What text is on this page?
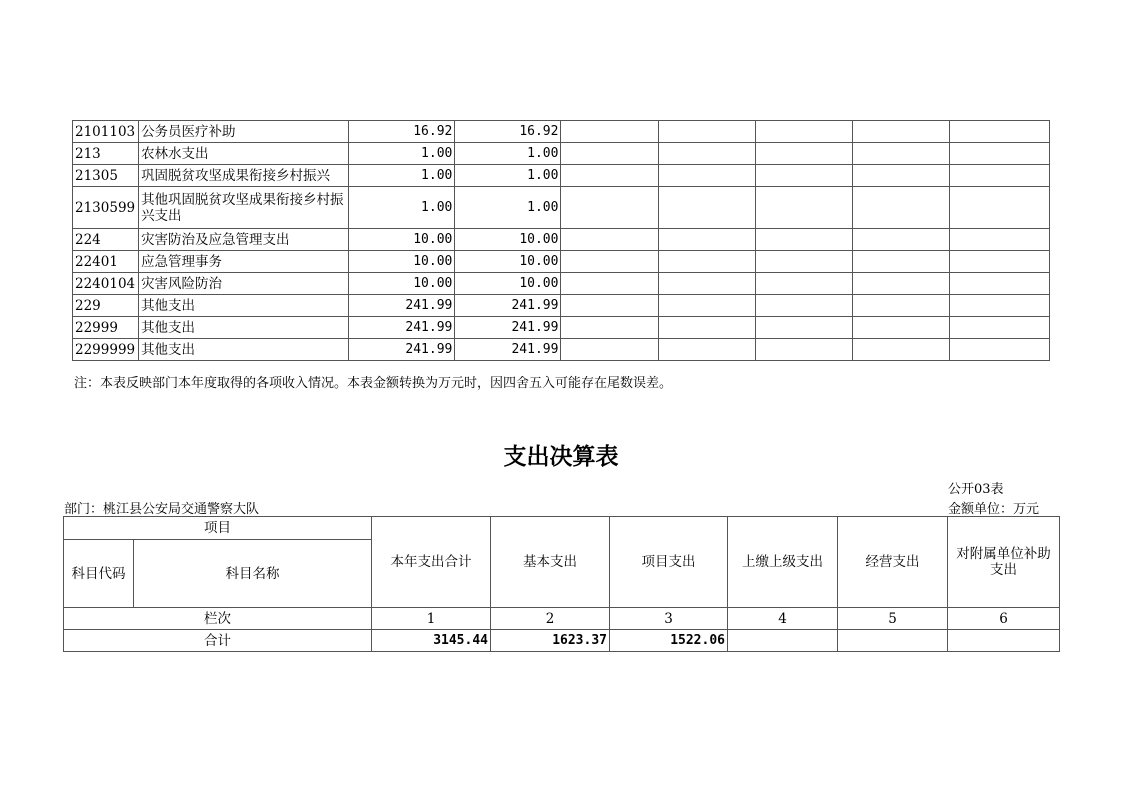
2101103	公务员医疗补助	16.92	16.92					
213	农林水支出	1.00	1.00					
21305	巩固脱贫攻坚成果衔接乡村振兴	1.00	1.00					
2130599	其他巩固脱贫攻坚成果衔接乡村振兴支出	1.00	1.00					
224	灾害防治及应急管理支出	10.00	10.00					
22401	应急管理事务	10.00	10.00					
2240104	灾害风险防治	10.00	10.00					
229	其他支出	241.99	241.99					
22999	其他支出	241.99	241.99					
2299999	其他支出	241.99	241.99					
注：本表反映部门本年度取得的各项收入情况。本表金额转换为万元时，因四舍五入可能存在尾数误差。
支出决算表
公开03表
部门：桃江县公安局交通警察大队	金额单位：万元
项目		本年支出合计	基本支出	项目支出	上缴上级支出	经营支出	对附属单位补助支出
科目代码	科目名称						
栏次		1	2	3	4	5	6
合计		3145.44	1623.37	1522.06			
